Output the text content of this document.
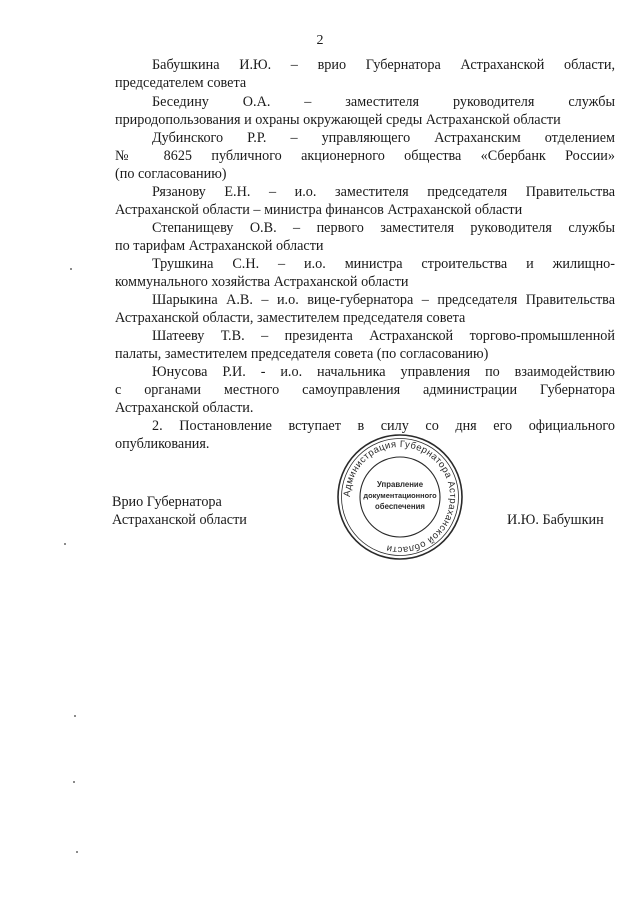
2
Бабушкина И.Ю. – врио Губернатора Астраханской области,
председателем совета
Беседину О.А. – заместителя руководителя службы
природопользования и охраны окружающей среды Астраханской области
Дубинского Р.Р. – управляющего Астраханским отделением
№ 8625 публичного акционерного общества «Сбербанк России»
(по согласованию)
Рязанову Е.Н. – и.о. заместителя председателя Правительства
Астраханской области – министра финансов Астраханской области
Степанищеву О.В. – первого заместителя руководителя службы
по тарифам Астраханской области
Трушкина С.Н. – и.о. министра строительства и жилищно-
коммунального хозяйства Астраханской области
Шарыкина А.В. – и.о. вице-губернатора – председателя Правительства
Астраханской области, заместителем председателя совета
Шатееву Т.В. – президента Астраханской торгово-промышленной
палаты, заместителем председателя совета (по согласованию)
Юнусова Р.И. - и.о. начальника управления по взаимодействию
с органами местного самоуправления администрации Губернатора
Астраханской области.
2. Постановление вступает в силу со дня его официального
опубликования.
Врио Губернатора
Астраханской области	И.Ю. Бабушкин
Администрация Губернатора Астраханской области
Управление
документационного
обеспечения
